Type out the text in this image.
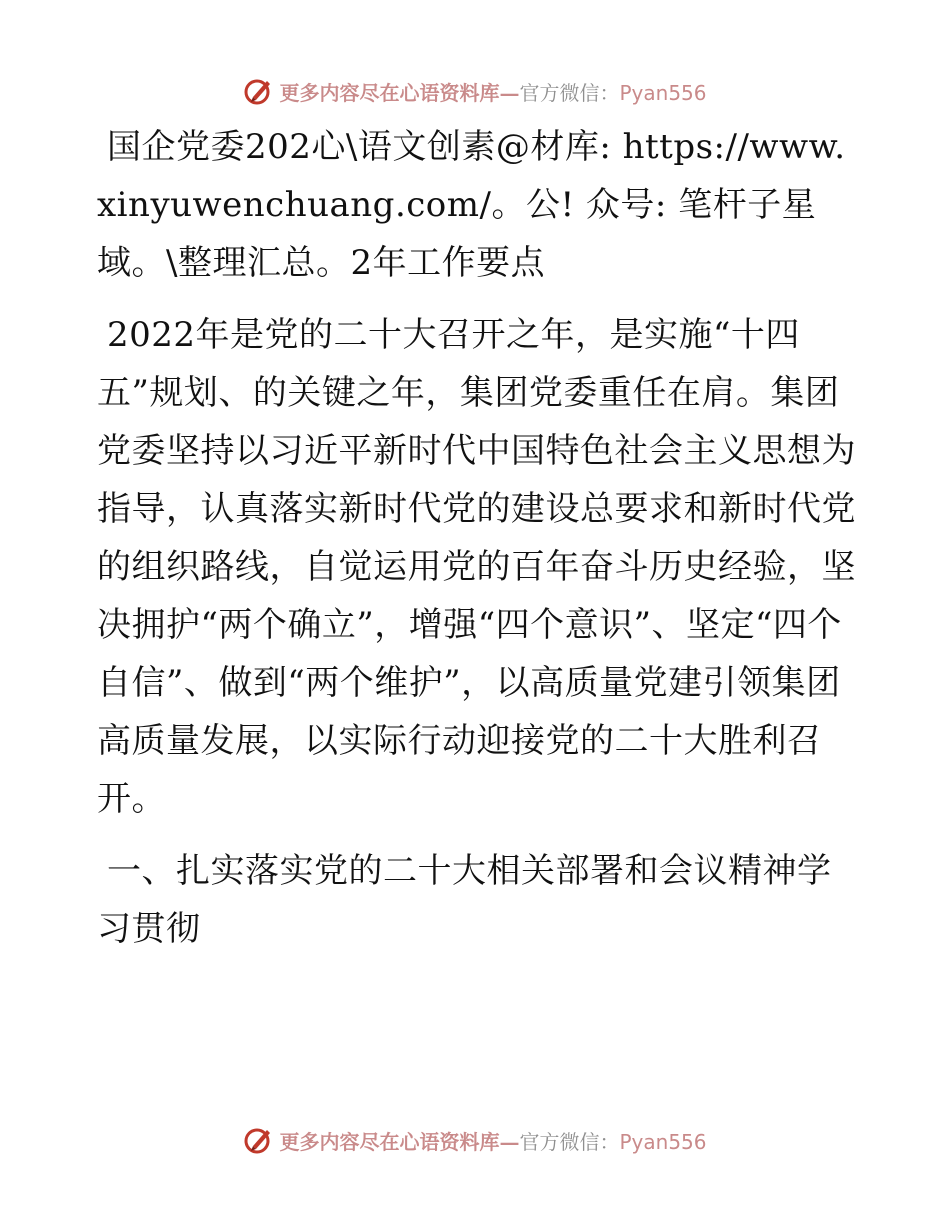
更多内容尽在心语资料库—官方微信：Pyan556

国企党委202心\语文创素@材库: https://www.xinyuwenchuang.com/。公! 众号: 笔杆子星域。\整理汇总。2年工作要点

2022年是党的二十大召开之年，是实施“十四五”规划、的关键之年，集团党委重任在肩。集团党委坚持以习近平新时代中国特色社会主义思想为指导，认真落实新时代党的建设总要求和新时代党的组织路线，自觉运用党的百年奋斗历史经验，坚决拥护“两个确立”，增强“四个意识”、坚定“四个自信”、做到“两个维护”，以高质量党建引领集团高质量发展，以实际行动迎接党的二十大胜利召开。

一、扎实落实党的二十大相关部署和会议精神学习贯彻

更多内容尽在心语资料库—官方微信：Pyan556
